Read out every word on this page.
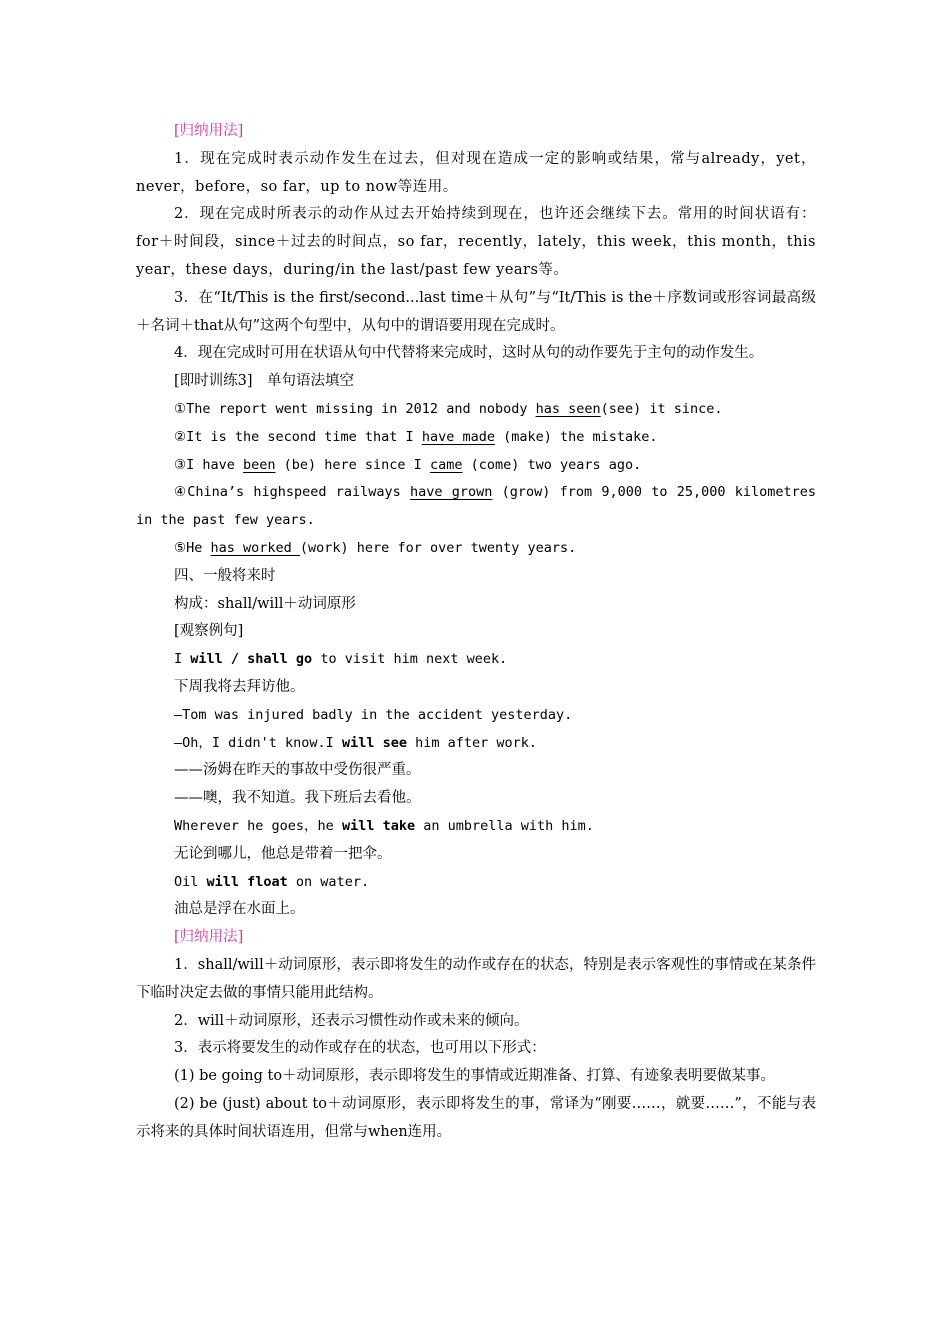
[归纳用法]

1．现在完成时表示动作发生在过去，但对现在造成一定的影响或结果，常与already，yet，never，before，so far，up to now等连用。

2．现在完成时所表示的动作从过去开始持续到现在，也许还会继续下去。常用的时间状语有：for＋时间段，since＋过去的时间点，so far，recently，lately，this week，this month，this year，these days，during/in the last/past few years等。

3．在“It/This is the first/second...last time＋从句”与“It/This is the＋序数词或形容词最高级＋名词＋that从句”这两个句型中，从句中的谓语要用现在完成时。

4．现在完成时可用在状语从句中代替将来完成时，这时从句的动作要先于主句的动作发生。

[即时训练3]　单句语法填空

①The report went missing in 2012 and nobody has seen(see) it since.

②It is the second time that I have made (make) the mistake.

③I have been (be) here since I came (come) two years ago.

④China’s highspeed railways have grown (grow) from 9,000 to 25,000 kilometres in the past few years.

⑤He has worked (work) here for over twenty years.

四、一般将来时

构成：shall/will＋动词原形

[观察例句]

I will / shall go to visit him next week.

下周我将去拜访他。

—Tom was injured badly in the accident yesterday.

—Oh，I didn't know.I will see him after work.

——汤姆在昨天的事故中受伤很严重。

——噢，我不知道。我下班后去看他。

Wherever he goes，he will take an umbrella with him.

无论到哪儿，他总是带着一把伞。

Oil will float on water.

油总是浮在水面上。

[归纳用法]

1．shall/will＋动词原形，表示即将发生的动作或存在的状态，特别是表示客观性的事情或在某条件下临时决定去做的事情只能用此结构。

2．will＋动词原形，还表示习惯性动作或未来的倾向。

3．表示将要发生的动作或存在的状态，也可用以下形式：

(1) be going to＋动词原形，表示即将发生的事情或近期准备、打算、有迹象表明要做某事。

(2) be (just) about to＋动词原形，表示即将发生的事，常译为“刚要……，就要……”，不能与表示将来的具体时间状语连用，但常与when连用。
